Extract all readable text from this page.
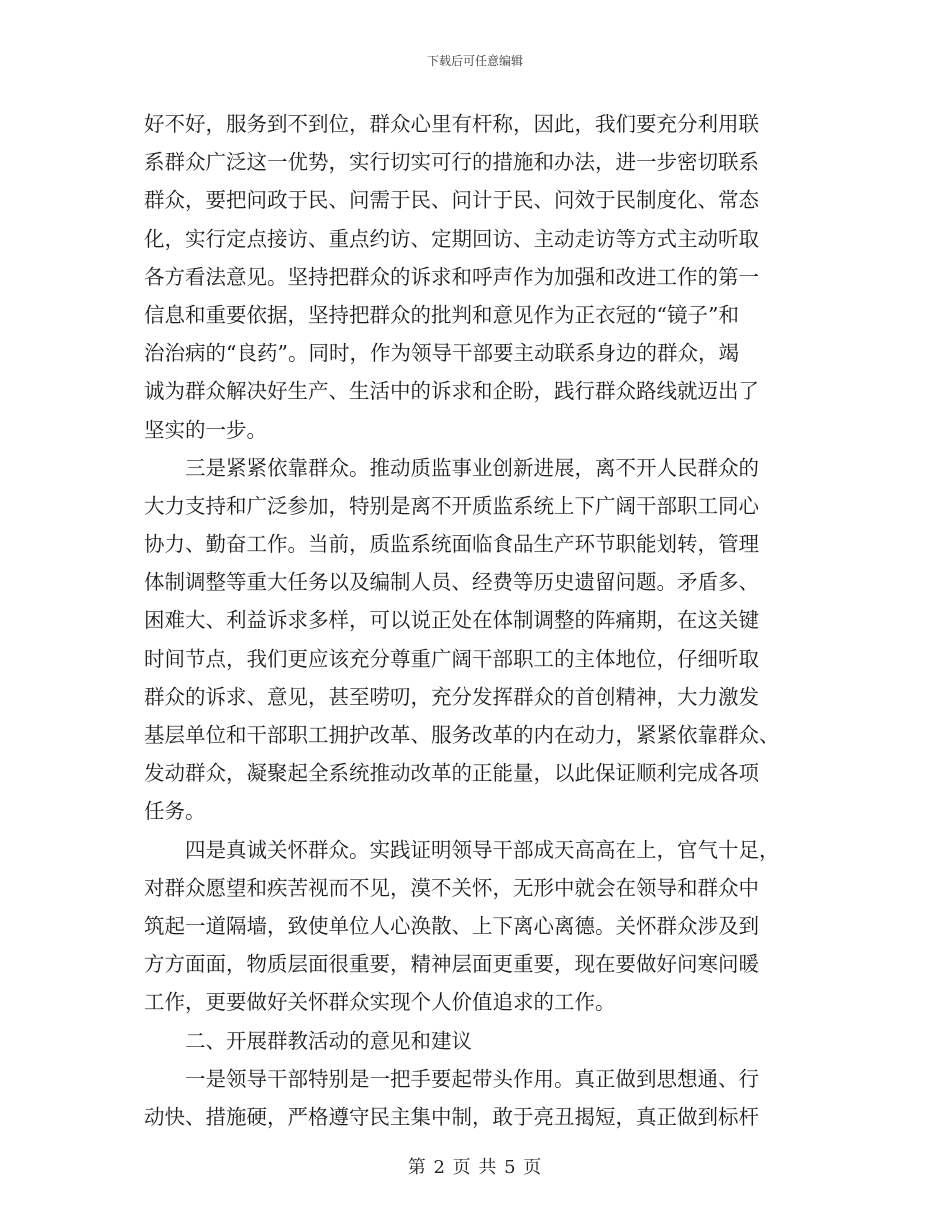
下载后可任意编辑
好不好，服务到不到位，群众心里有杆称，因此，我们要充分利用联
系群众广泛这一优势，实行切实可行的措施和办法，进一步密切联系
群众，要把问政于民、问需于民、问计于民、问效于民制度化、常态
化，实行定点接访、重点约访、定期回访、主动走访等方式主动听取
各方看法意见。坚持把群众的诉求和呼声作为加强和改进工作的第一
信息和重要依据，坚持把群众的批判和意见作为正衣冠的“镜子”和
治治病的“良药”。同时，作为领导干部要主动联系身边的群众，竭
诚为群众解决好生产、生活中的诉求和企盼，践行群众路线就迈出了
坚实的一步。
　　三是紧紧依靠群众。推动质监事业创新进展，离不开人民群众的
大力支持和广泛参加，特别是离不开质监系统上下广阔干部职工同心
协力、勤奋工作。当前，质监系统面临食品生产环节职能划转，管理
体制调整等重大任务以及编制人员、经费等历史遗留问题。矛盾多、
困难大、利益诉求多样，可以说正处在体制调整的阵痛期，在这关键
时间节点，我们更应该充分尊重广阔干部职工的主体地位，仔细听取
群众的诉求、意见，甚至唠叨，充分发挥群众的首创精神，大力激发
基层单位和干部职工拥护改革、服务改革的内在动力，紧紧依靠群众、
发动群众，凝聚起全系统推动改革的正能量，以此保证顺利完成各项
任务。
　　四是真诚关怀群众。实践证明领导干部成天高高在上，官气十足，
对群众愿望和疾苦视而不见，漠不关怀，无形中就会在领导和群众中
筑起一道隔墙，致使单位人心涣散、上下离心离德。关怀群众涉及到
方方面面，物质层面很重要，精神层面更重要，现在要做好问寒问暖
工作，更要做好关怀群众实现个人价值追求的工作。
　　二、开展群教活动的意见和建议
　　一是领导干部特别是一把手要起带头作用。真正做到思想通、行
动快、措施硬，严格遵守民主集中制，敢于亮丑揭短，真正做到标杆
第 2 页 共 5 页
